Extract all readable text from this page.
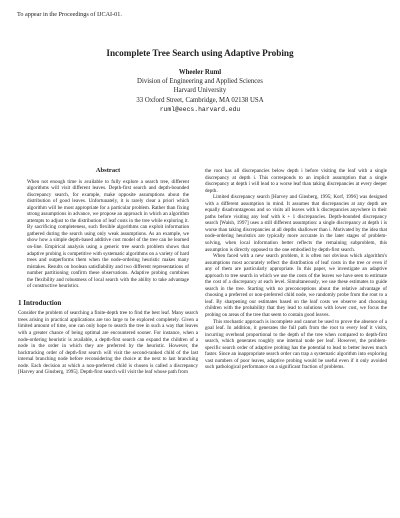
To appear in the Proceedings of IJCAI-01.
Incomplete Tree Search using Adaptive Probing
Wheeler Ruml
Division of Engineering and Applied Sciences
Harvard University
33 Oxford Street, Cambridge, MA 02138 USA
ruml@eecs.harvard.edu
Abstract

When not enough time is available to fully explore a search tree, different algorithms will visit different leaves. Depth-first search and depth-bounded discrepancy search, for example, make opposite assumptions about the distribution of good leaves. Unfortunately, it is rarely clear a priori which algorithm will be most appropriate for a particular problem. Rather than fixing strong assumptions in advance, we propose an approach in which an algorithm attempts to adjust to the distribution of leaf costs in the tree while exploring it. By sacrificing completeness, such flexible algorithms can exploit information gathered during the search using only weak assumptions. As an example, we show how a simple depth-based additive cost model of the tree can be learned on-line. Empirical analysis using a generic tree search problem shows that adaptive probing is competitive with systematic algorithms on a variety of hard trees and outperforms them when the node-ordering heuristic makes many mistakes. Results on boolean satisfiability and two different representations of number partitioning confirm these observations. Adaptive probing combines the flexibility and robustness of local search with the ability to take advantage of constructive heuristics.

1 Introduction

Consider the problem of searching a finite-depth tree to find the best leaf. Many search trees arising in practical applications are too large to be explored completely. Given a limited amount of time, one can only hope to search the tree in such a way that leaves with a greater chance of being optimal are encountered sooner. For instance, when a node-ordering heuristic is available, a depth-first search can expand the children of a node in the order in which they are preferred by the heuristic. However, the backtracking order of depth-first search will visit the second-ranked child of the last internal branching node before reconsidering the choice at the next to last branching node. Each decision at which a non-preferred child is chosen is called a discrepancy [Harvey and Ginsberg, 1995]. Depth-first search will visit the leaf whose path from

the root has all discrepancies below depth i before visiting the leaf with a single discrepancy at depth i. This corresponds to an implicit assumption that a single discrepancy at depth i will lead to a worse leaf than taking discrepancies at every deeper depth.

Limited discrepancy search [Harvey and Ginsberg, 1995; Korf, 1996] was designed with a different assumption in mind. It assumes that discrepancies at any depth are equally disadvantageous and so visits all leaves with k discrepancies anywhere in their paths before visiting any leaf with k + 1 discrepancies. Depth-bounded discrepancy search [Walsh, 1997] uses a still different assumption: a single discrepancy at depth i is worse than taking discrepancies at all depths shallower than i. Motivated by the idea that node-ordering heuristics are typically more accurate in the later stages of problem-solving, when local information better reflects the remaining subproblem, this assumption is directly opposed to the one embodied by depth-first search.

When faced with a new search problem, it is often not obvious which algorithm's assumptions most accurately reflect the distribution of leaf costs in the tree or even if any of them are particularly appropriate. In this paper, we investigate an adaptive approach to tree search in which we use the costs of the leaves we have seen to estimate the cost of a discrepancy at each level. Simultaneously, we use these estimates to guide search in the tree. Starting with no preconceptions about the relative advantage of choosing a preferred or non-preferred child node, we randomly probe from the root to a leaf. By sharpening our estimates based on the leaf costs we observe and choosing children with the probability that they lead to solutions with lower cost, we focus the probing on areas of the tree that seem to contain good leaves.

This stochastic approach is incomplete and cannot be used to prove the absence of a goal leaf. In addition, it generates the full path from the root to every leaf it visits, incurring overhead proportional to the depth of the tree when compared to depth-first search, which generates roughly one internal node per leaf. However, the problem-specific search order of adaptive probing has the potential to lead to better leaves much faster. Since an inappropriate search order can trap a systematic algorithm into exploring vast numbers of poor leaves, adaptive probing would be useful even if it only avoided such pathological performance on a significant fraction of problems.
